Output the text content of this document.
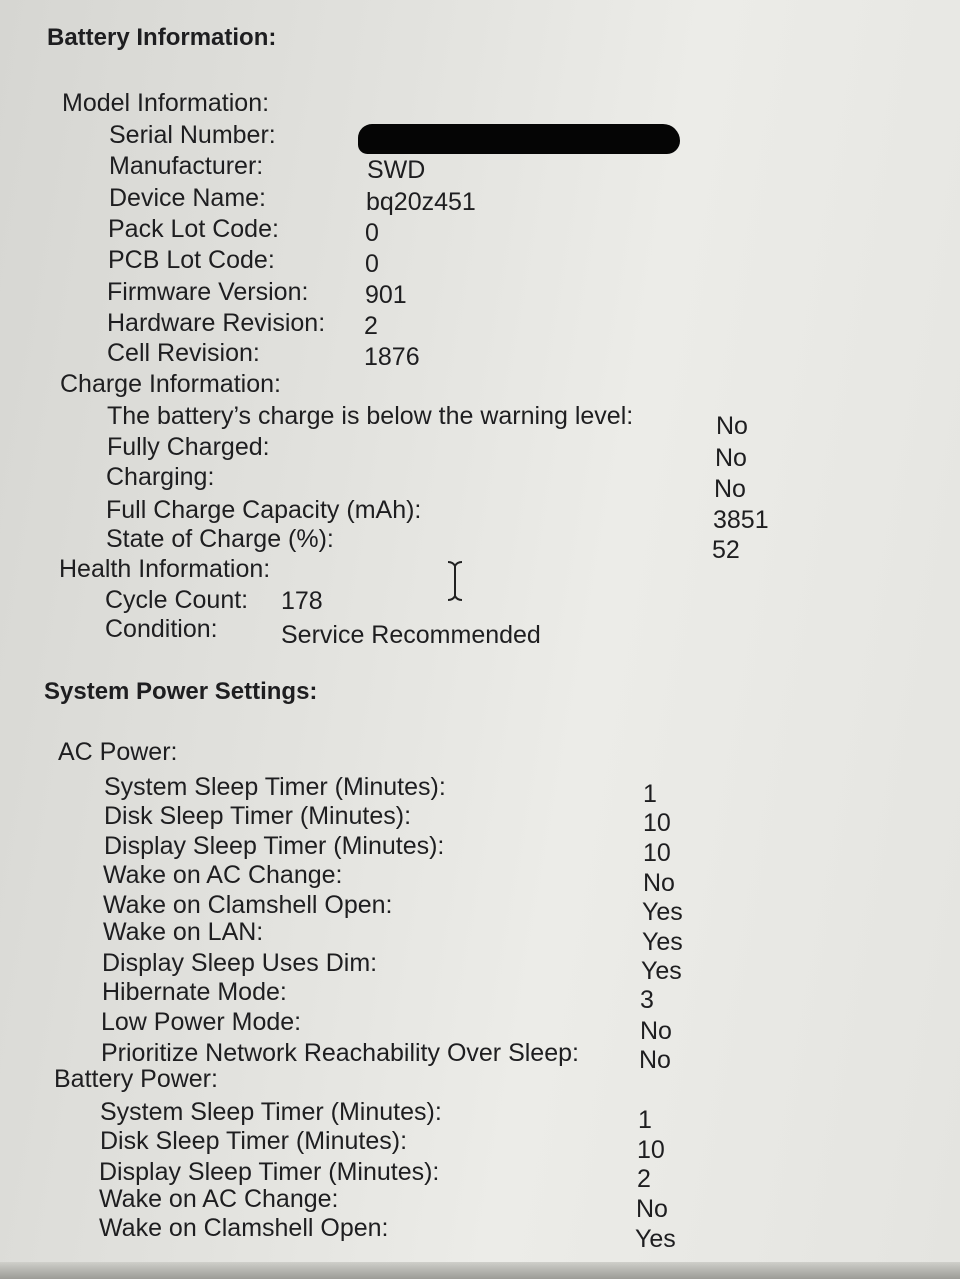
Battery Information:
Model Information:
Serial Number:
Manufacturer:	SWD
Device Name:	bq20z451
Pack Lot Code:	0
PCB Lot Code:	0
Firmware Version: 901
Hardware Revision: 2
Cell Revision:	1876
Charge Information:
The battery’s charge is below the warning level:	No
Fully Charged:	No
Charging:	No
Full Charge Capacity (mAh):	3851
State of Charge (%):	52
Health Information:
Cycle Count: 178
Condition:	Service Recommended
System Power Settings:
AC Power:
System Sleep Timer (Minutes):	1
Disk Sleep Timer (Minutes):	10
Display Sleep Timer (Minutes):	10
Wake on AC Change:	No
Wake on Clamshell Open:	Yes
Wake on LAN:	Yes
Display Sleep Uses Dim:	Yes
Hibernate Mode:	3
Low Power Mode:	No
Prioritize Network Reachability Over Sleep: No
Battery Power:
System Sleep Timer (Minutes):	1
Disk Sleep Timer (Minutes):	10
Display Sleep Timer (Minutes):	2
Wake on AC Change:	No
Wake on Clamshell Open:	Yes
